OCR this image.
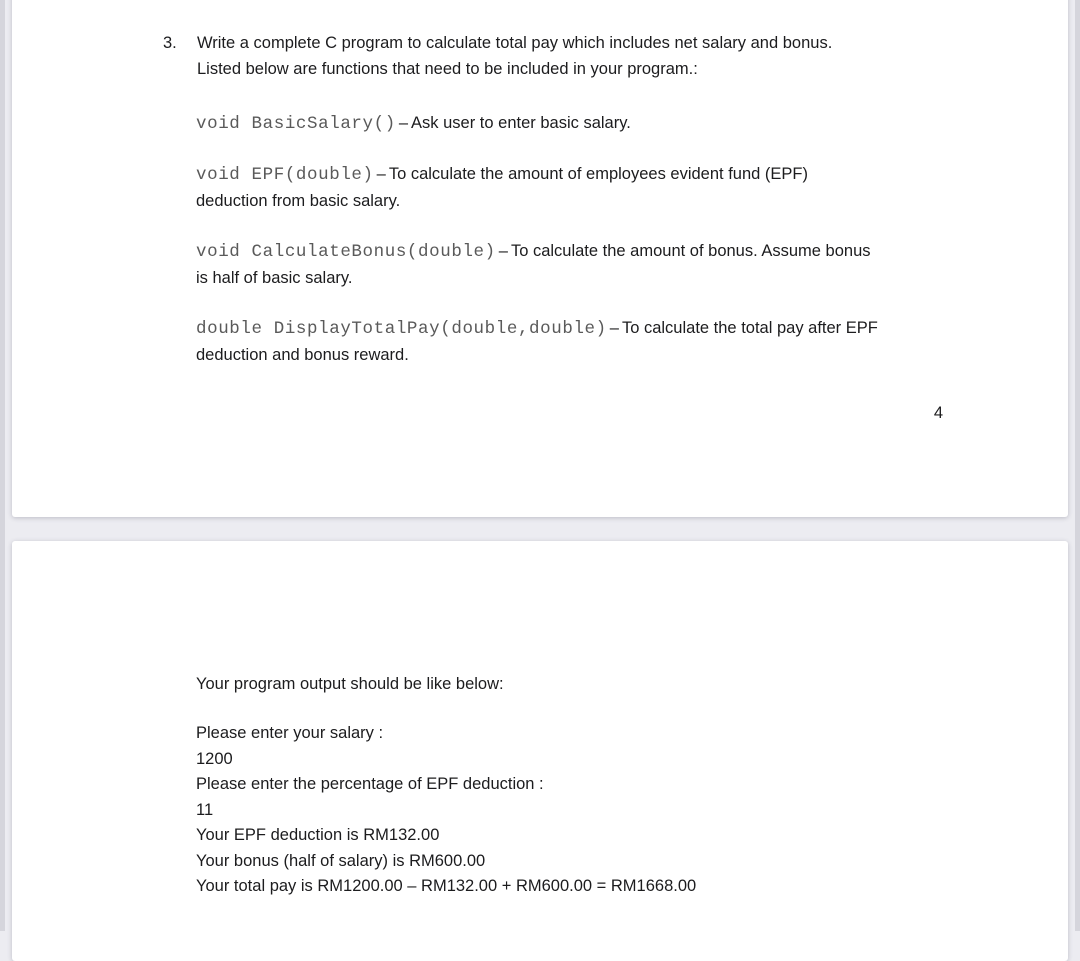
3.	Write a complete C program to calculate total pay which includes net salary and bonus.
Listed below are functions that need to be included in your program.:

void BasicSalary() – Ask user to enter basic salary.

void EPF(double) – To calculate the amount of employees evident fund (EPF)
deduction from basic salary.

void CalculateBonus(double) – To calculate the amount of bonus. Assume bonus
is half of basic salary.

double DisplayTotalPay(double,double) – To calculate the total pay after EPF
deduction and bonus reward.

4

Your program output should be like below:

Please enter your salary :
1200
Please enter the percentage of EPF deduction :
11
Your EPF deduction is RM132.00
Your bonus (half of salary) is RM600.00
Your total pay is RM1200.00 – RM132.00 + RM600.00 = RM1668.00
